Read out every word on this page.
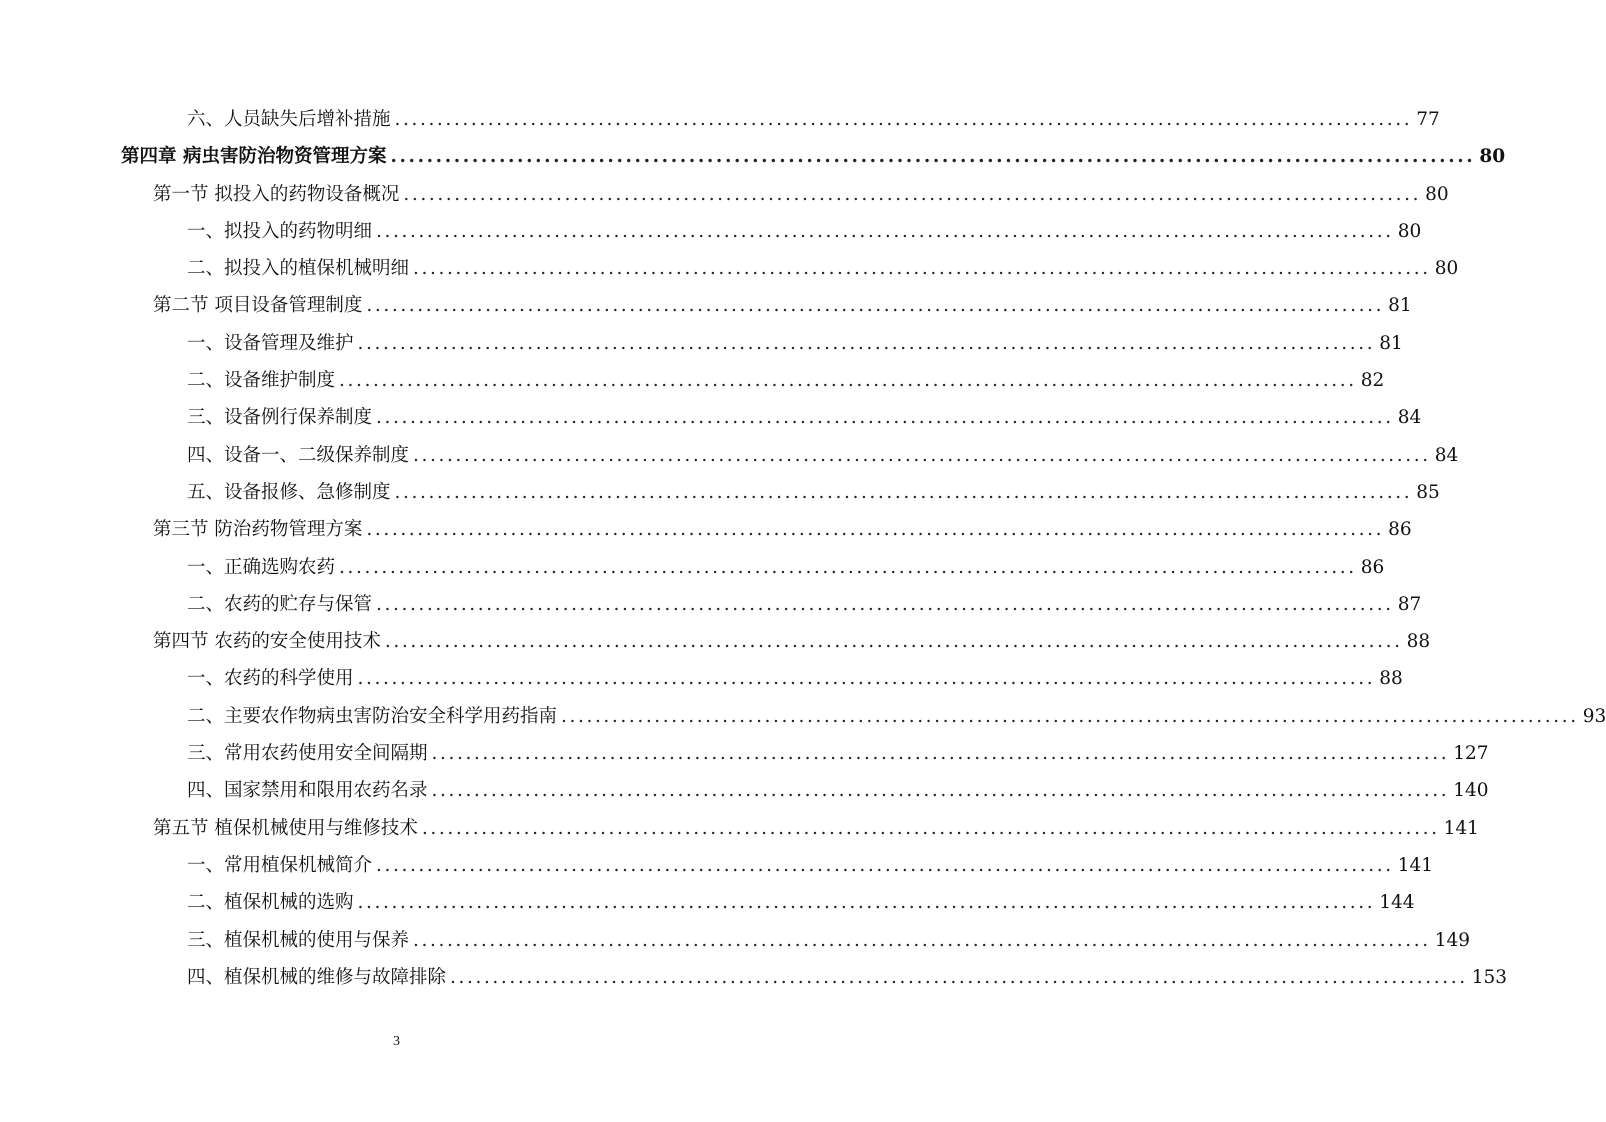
六、人员缺失后增补措施 ........................................................................................................................ 77
第四章 病虫害防治物资管理方案 ........................................................................................................................ 80
第一节 拟投入的药物设备概况 ........................................................................................................................ 80
一、拟投入的药物明细 ........................................................................................................................ 80
二、拟投入的植保机械明细 ........................................................................................................................ 80
第二节 项目设备管理制度 ........................................................................................................................ 81
一、设备管理及维护 ........................................................................................................................ 81
二、设备维护制度 ........................................................................................................................ 82
三、设备例行保养制度 ........................................................................................................................ 84
四、设备一、二级保养制度 ........................................................................................................................ 84
五、设备报修、急修制度 ........................................................................................................................ 85
第三节 防治药物管理方案 ........................................................................................................................ 86
一、正确选购农药 ........................................................................................................................ 86
二、农药的贮存与保管 ........................................................................................................................ 87
第四节 农药的安全使用技术 ........................................................................................................................ 88
一、农药的科学使用 ........................................................................................................................ 88
二、主要农作物病虫害防治安全科学用药指南 ........................................................................................................................ 93
三、常用农药使用安全间隔期 ........................................................................................................................ 127
四、国家禁用和限用农药名录 ........................................................................................................................ 140
第五节 植保机械使用与维修技术 ........................................................................................................................ 141
一、常用植保机械简介 ........................................................................................................................ 141
二、植保机械的选购 ........................................................................................................................ 144
三、植保机械的使用与保养 ........................................................................................................................ 149
四、植保机械的维修与故障排除 ........................................................................................................................ 153
3
